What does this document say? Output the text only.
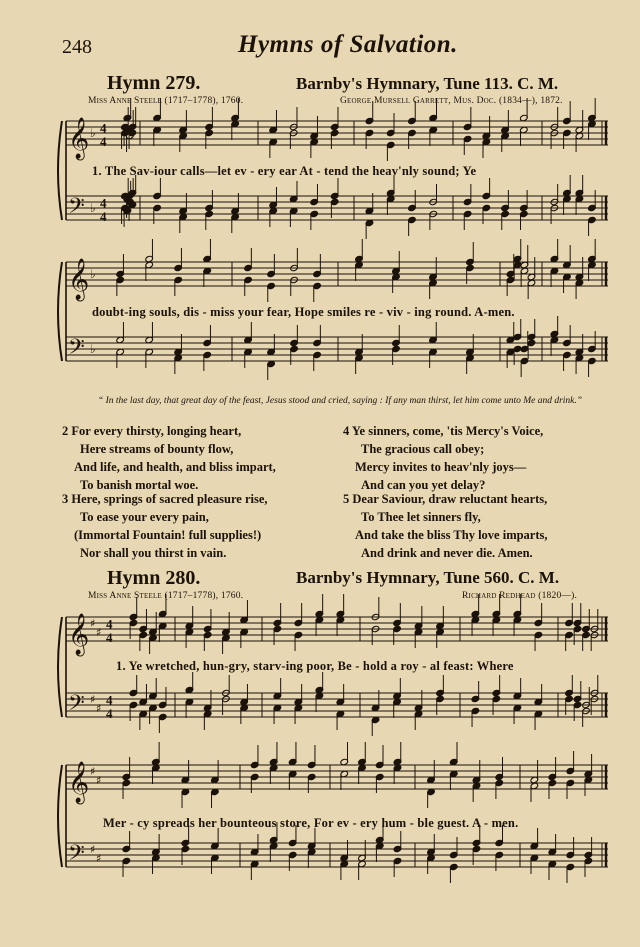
248	Hymns of Salvation.
Hymn 279.	Barnby's Hymnary, Tune 113. C. M.
Miss Anne Steele (1717–1778), 1760.	George Mursell Garrett, Mus. Doc. (1834—), 1872.
𝄞 ♭ 4
4
𝄢 ♭ 4
4
𝄞 ♭
𝄢 ♭
𝄞 ♯
♯
4
4
𝄢 ♯
♯
4
4
𝄞 ♯
♯
𝄢 ♯
♯
1. The Sav-iour calls—let ev - ery ear At - tend the heav'nly sound; Ye
doubt-ing souls, dis - miss your fear, Hope smiles re - viv - ing round. A-men.
“ In the last day, that great day of the feast, Jesus stood and cried, saying : If any man thirst, let him come unto Me and drink.”
2 For every thirsty, longing heart,
Here streams of bounty flow,
And life, and health, and bliss impart,
To banish mortal woe.
4 Ye sinners, come, 'tis Mercy's Voice,
The gracious call obey;
Mercy invites to heav'nly joys—
And can you yet delay?
3 Here, springs of sacred pleasure rise,
To ease your every pain,
(Immortal Fountain! full supplies!)
Nor shall you thirst in vain.
5 Dear Saviour, draw reluctant hearts,
To Thee let sinners fly,
And take the bliss Thy love imparts,
And drink and never die. Amen.
Hymn 280.	Barnby's Hymnary, Tune 560. C. M.
Miss Anne Steele (1717–1778), 1760.	Richard Redhead (1820—).
1. Ye wretched, hun-gry, starv-ing poor, Be - hold a roy - al feast: Where
Mer - cy spreads her bounteous store, For ev - ery hum - ble guest. A - men.
